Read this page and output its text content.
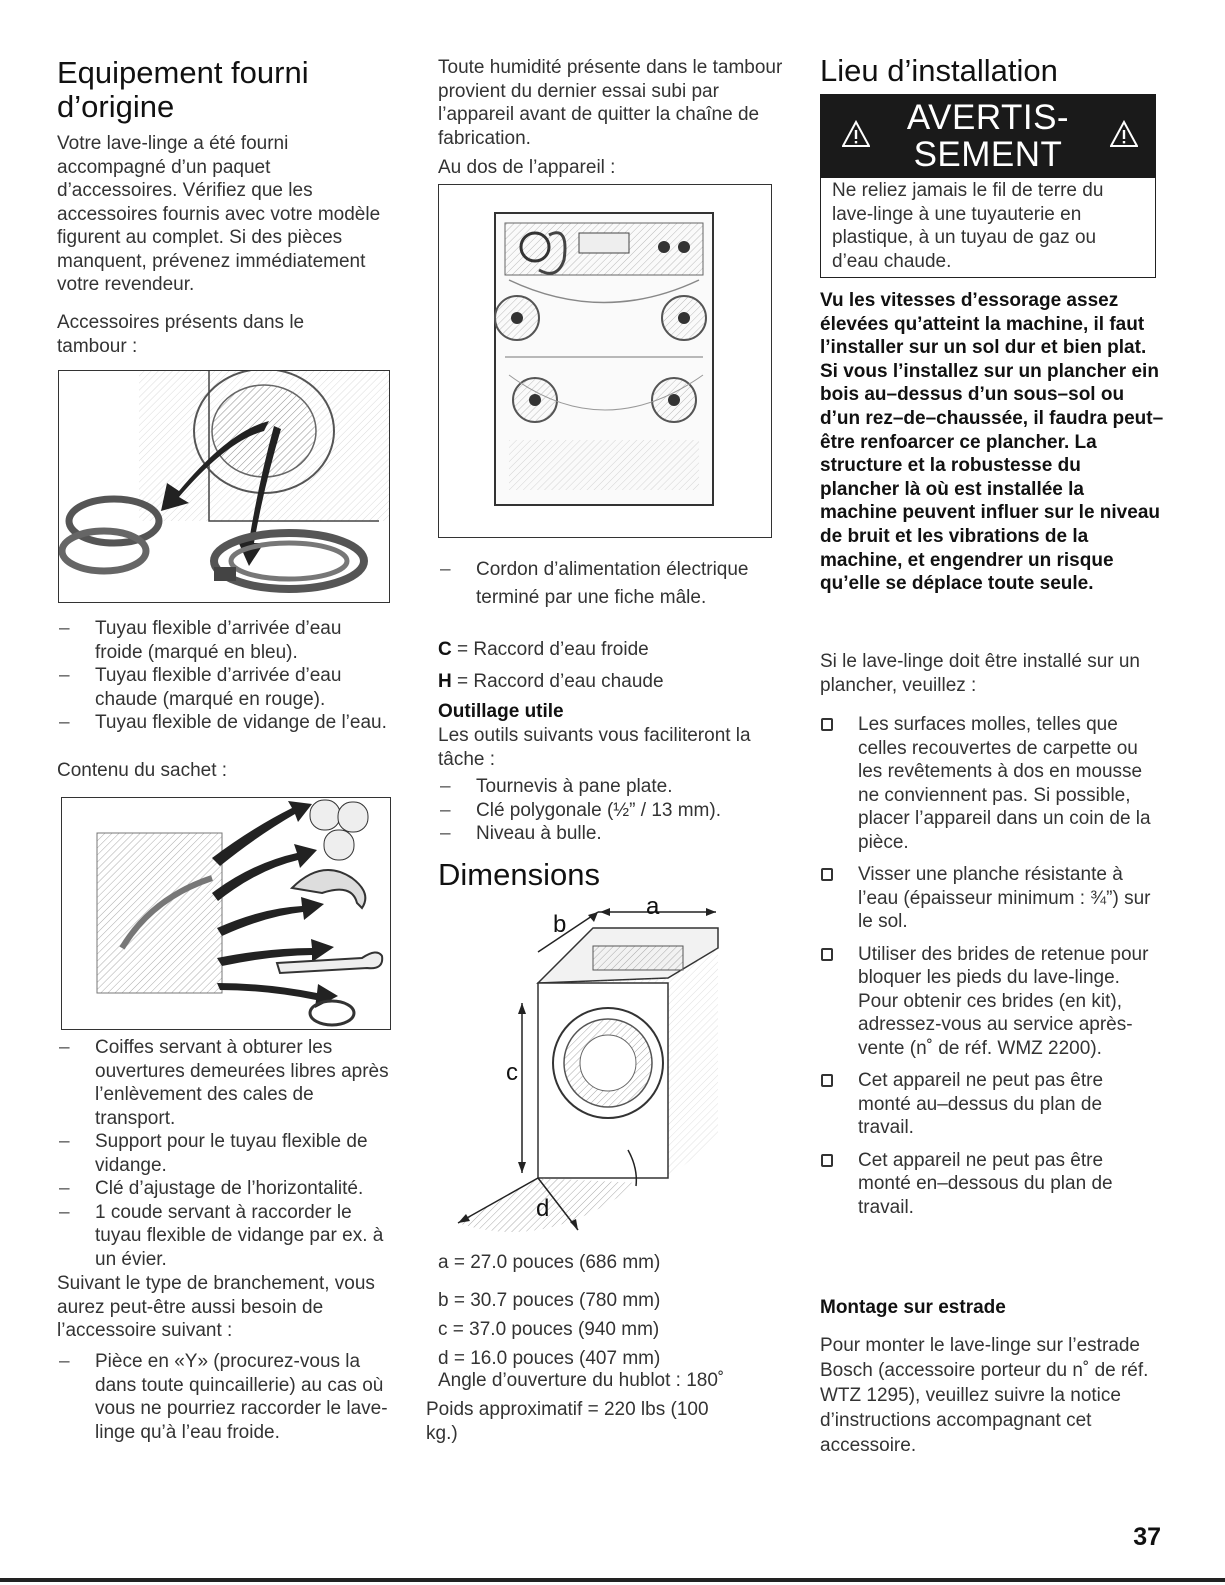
Equipement fourni d’origine

Votre lave-linge a été fourni accompagné d’un paquet d’accessoires. Vérifiez que les accessoires fournis avec votre modèle figurent au complet. Si des pièces manquent, prévenez immédiatement votre revendeur.

Accessoires présents dans le tambour :

– Tuyau flexible d’arrivée d’eau froide (marqué en bleu).
– Tuyau flexible d’arrivée d’eau chaude (marqué en rouge).
– Tuyau flexible de vidange de l’eau.

Contenu du sachet :

– Coiffes servant à obturer les ouvertures demeurées libres après l’enlèvement des cales de transport.
– Support pour le tuyau flexible de vidange.
– Clé d’ajustage de l’horizontalité.
– 1 coude servant à raccorder le tuyau flexible de vidange par ex. à un évier.

Suivant le type de branchement, vous aurez peut-être aussi besoin de l’accessoire suivant :

– Pièce en «Y» (procurez-vous la dans toute quincaillerie) au cas où vous ne pourriez raccorder le lave-linge qu’à l’eau froide.

Toute humidité présente dans le tambour provient du dernier essai subi par l’appareil avant de quitter la chaîne de fabrication.

Au dos de l’appareil :

– Cordon d’alimentation électrique terminé par une fiche mâle.

C = Raccord d’eau froide

H = Raccord d’eau chaude

Outillage utile

Les outils suivants vous faciliteront la tâche :

– Tournevis à pane plate.
– Clé polygonale (½” / 13 mm).
– Niveau à bulle.
Dimensions
a
b
c
d

a = 27.0 pouces (686 mm)

b = 30.7 pouces (780 mm)

c = 37.0 pouces (940 mm)

d = 16.0 pouces (407 mm)

Angle d’ouverture du hublot : 180˚

Poids approximatif = 220 lbs (100 kg.)

Lieu d’installation
AVERTIS-
SEMENT

Ne reliez jamais le fil de terre du lave-linge à une tuyauterie en plastique, à un tuyau de gaz ou d’eau chaude.

Vu les vitesses d’essorage assez élevées qu’atteint la machine, il faut l’installer sur un sol dur et bien plat. Si vous l’installez sur un plancher ein bois au–dessus d’un sous–sol ou d’un rez–de–chaussée, il faudra peut–être renfoarcer ce plancher. La structure et la robustesse du plancher là où est installée la machine peuvent influer sur le niveau de bruit et les vibrations de la machine, et engendrer un risque qu’elle se déplace toute seule.

Si le lave-linge doit être installé sur un plancher, veuillez :

Les surfaces molles, telles que celles recouvertes de carpette ou les revêtements à dos en mousse ne conviennent pas. Si possible, placer l’appareil dans un coin de la pièce.
Visser une planche résistante à l’eau (épaisseur minimum : ¾”) sur le sol.
Utiliser des brides de retenue pour bloquer les pieds du lave-linge.
Pour obtenir ces brides (en kit), adressez-vous au service après-vente (n˚ de réf. WMZ 2200).
Cet appareil ne peut pas être monté au–dessus du plan de travail.
Cet appareil ne peut pas être monté en–dessous du plan de travail.
Montage sur estrade

Pour monter le lave-linge sur l’estrade Bosch (accessoire porteur du n˚ de réf. WTZ 1295), veuillez suivre la notice d’instructions accompagnant cet accessoire.

37
